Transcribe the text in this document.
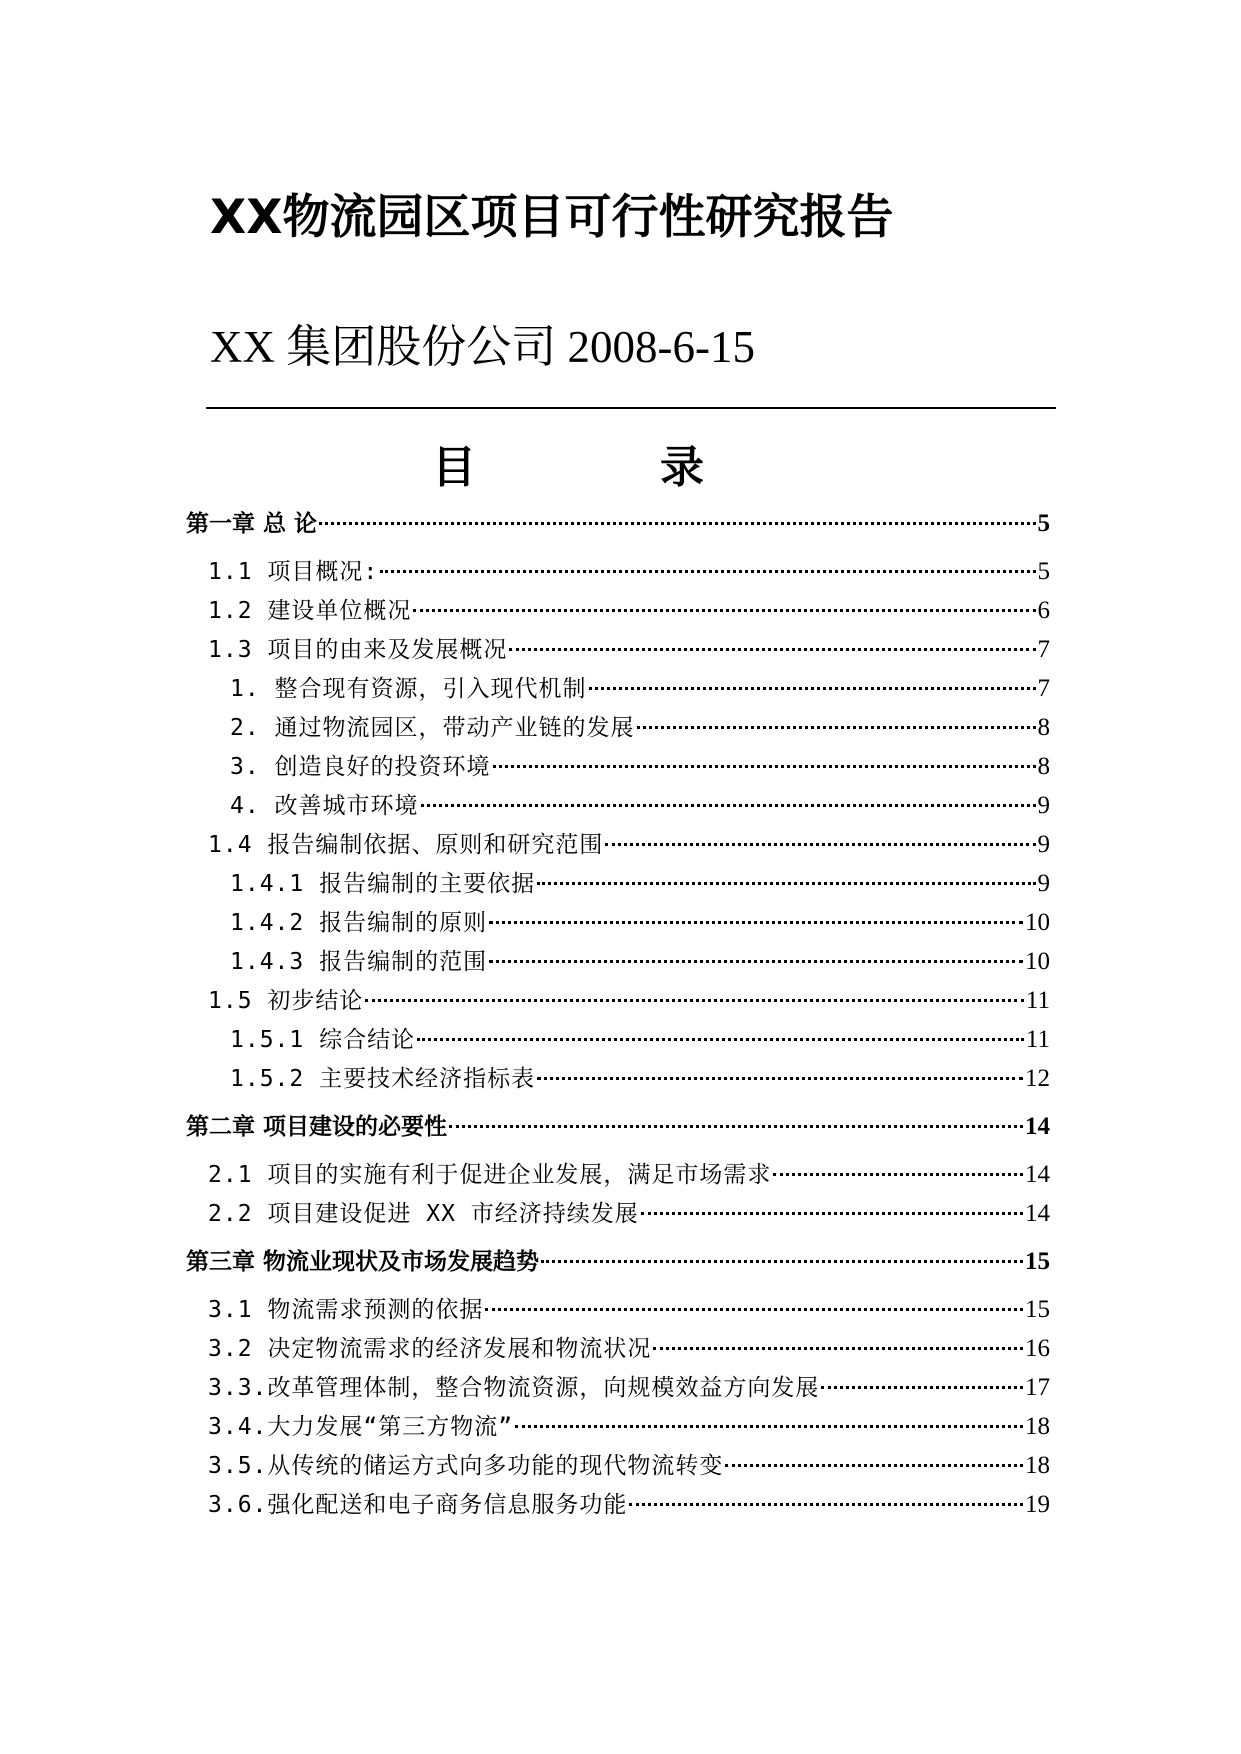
XX物流园区项目可行性研究报告
XX 集团股份公司 2008-6-15
目	录
第一章 总 论	5
1.1 项目概况:	5
1.2 建设单位概况	6
1.3 项目的由来及发展概况	7
1. 整合现有资源，引入现代机制	7
2. 通过物流园区，带动产业链的发展	8
3. 创造良好的投资环境	8
4. 改善城市环境	9
1.4 报告编制依据、原则和研究范围	9
1.4.1 报告编制的主要依据	9
1.4.2 报告编制的原则	10
1.4.3 报告编制的范围	10
1.5 初步结论	11
1.5.1 综合结论	11
1.5.2 主要技术经济指标表	12
第二章 项目建设的必要性	14
2.1 项目的实施有利于促进企业发展，满足市场需求	14
2.2 项目建设促进 XX 市经济持续发展	14
第三章 物流业现状及市场发展趋势	15
3.1 物流需求预测的依据	15
3.2 决定物流需求的经济发展和物流状况	16
3.3.改革管理体制，整合物流资源，向规模效益方向发展	17
3.4.大力发展“第三方物流”	18
3.5.从传统的储运方式向多功能的现代物流转变	18
3.6.强化配送和电子商务信息服务功能	19
